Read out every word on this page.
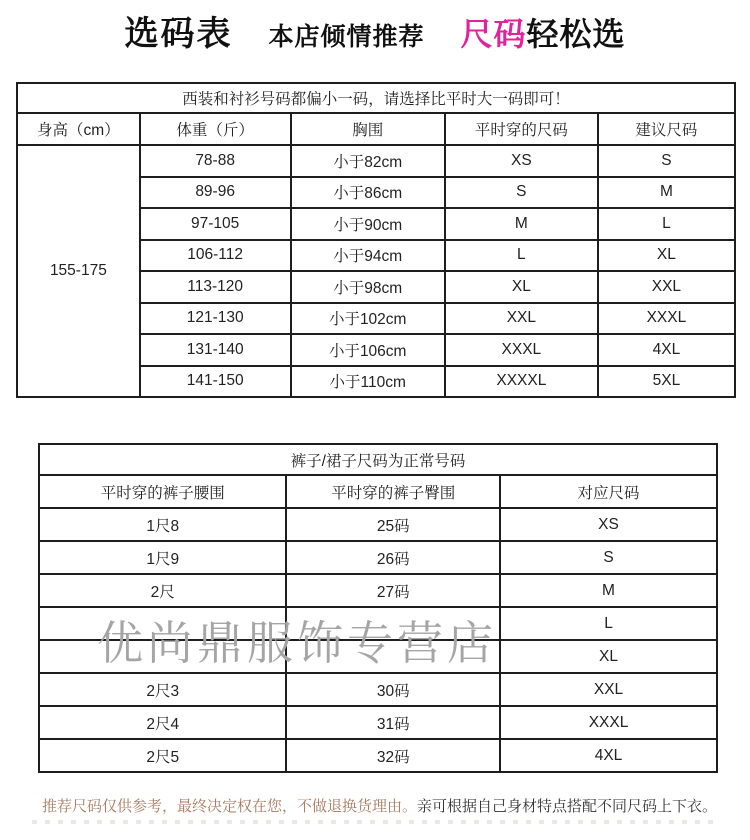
选码表 本店倾情推荐 尺码 轻松选
西装和衬衫号码都偏小一码，请选择比平时大一码即可！				
身高（cm）	体重（斤）	胸围	平时穿的尺码	建议尺码
155-175	78-88	小于82cm	XS	S
	89-96	小于86cm	S	M
	97-105	小于90cm	M	L
	106-112	小于94cm	L	XL
	113-120	小于98cm	XL	XXL
	121-130	小于102cm	XXL	XXXL
	131-140	小于106cm	XXXL	4XL
	141-150	小于110cm	XXXXL	5XL
裤子/裙子尺码为正常号码		
平时穿的裤子腰围	平时穿的裤子臀围	对应尺码
1尺8	25码	XS
1尺9	26码	S
2尺	27码	M
		L
		XL
2尺3	30码	XXL
2尺4	31码	XXXL
2尺5	32码	4XL
优尚鼎服饰专营店
推荐尺码仅供参考，最终决定权在您，不做退换货理由。亲可根据自己身材特点搭配不同尺码上下衣。
